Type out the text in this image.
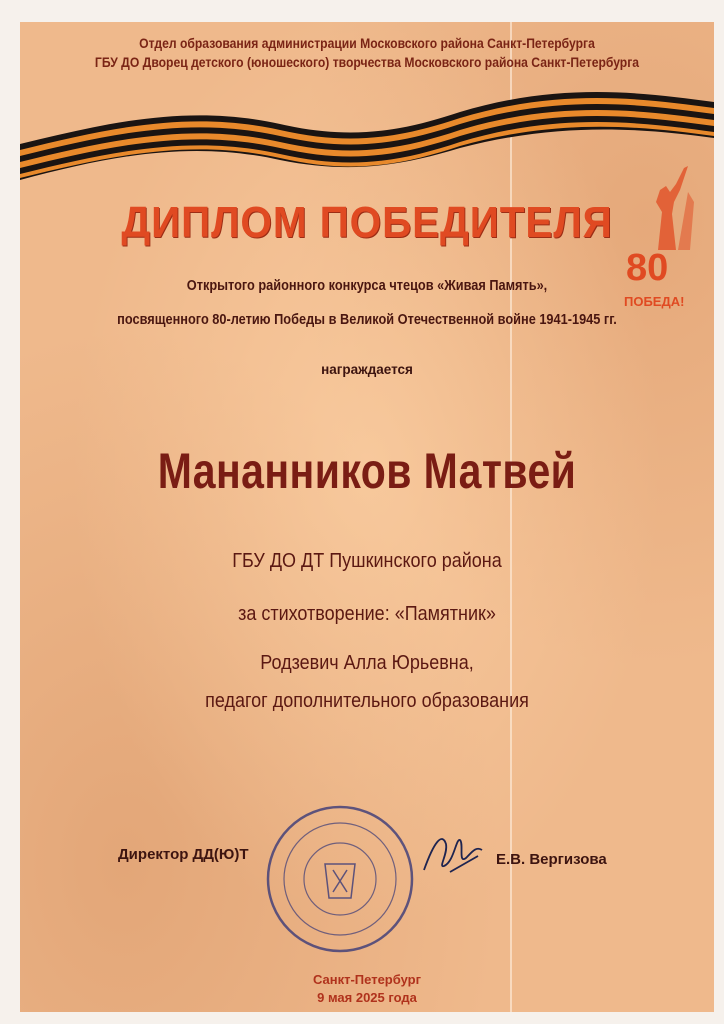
Отдел образования администрации Московского района Санкт-Петербурга
ГБУ ДО Дворец детского (юношеского) творчества Московского района Санкт-Петербурга
ДИПЛОМ ПОБЕДИТЕЛЯ
80
ПОБЕДА!
Открытого районного конкурса чтецов «Живая Память»,
посвященного 80-летию Победы в Великой Отечественной войне 1941-1945 гг.
награждается
Мананников Матвей
ГБУ ДО ДТ Пушкинского района
за стихотворение: «Памятник»
Родзевич Алла Юрьевна,
педагог дополнительного образования
Директор ДД(Ю)Т	Е.В. Вергизова
Санкт-Петербург
9 мая 2025 года
